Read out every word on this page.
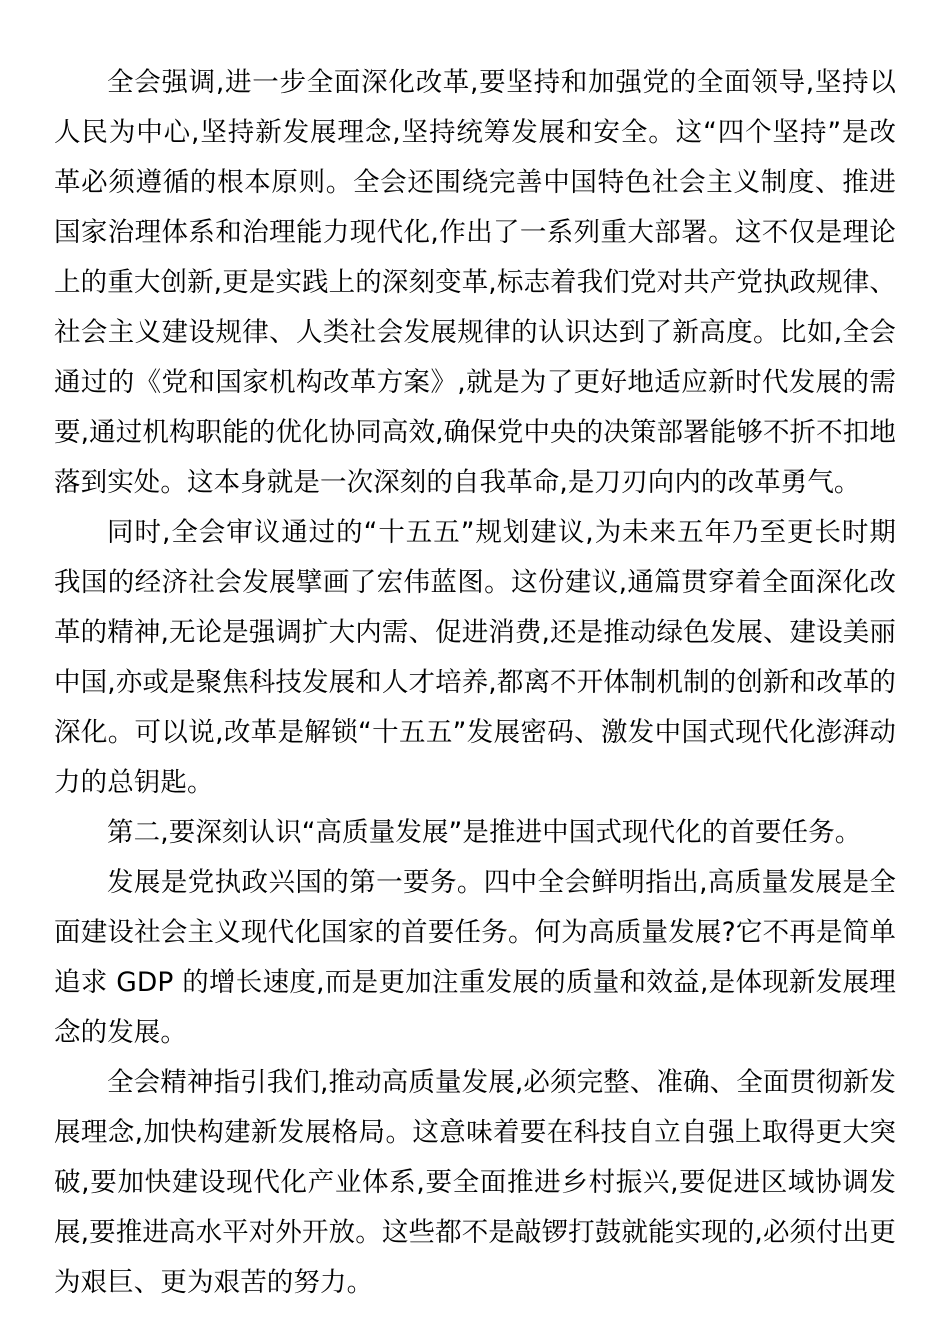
全会强调,进一步全面深化改革,要坚持和加强党的全面领导,坚持以人民为中心,坚持新发展理念,坚持统筹发展和安全。这“四个坚持”是改革必须遵循的根本原则。全会还围绕完善中国特色社会主义制度、推进国家治理体系和治理能力现代化,作出了一系列重大部署。这不仅是理论上的重大创新,更是实践上的深刻变革,标志着我们党对共产党执政规律、社会主义建设规律、人类社会发展规律的认识达到了新高度。比如,全会通过的《党和国家机构改革方案》,就是为了更好地适应新时代发展的需要,通过机构职能的优化协同高效,确保党中央的决策部署能够不折不扣地落到实处。这本身就是一次深刻的自我革命,是刀刃向内的改革勇气。

同时,全会审议通过的“十五五”规划建议,为未来五年乃至更长时期我国的经济社会发展擘画了宏伟蓝图。这份建议,通篇贯穿着全面深化改革的精神,无论是强调扩大内需、促进消费,还是推动绿色发展、建设美丽中国,亦或是聚焦科技发展和人才培养,都离不开体制机制的创新和改革的深化。可以说,改革是解锁“十五五”发展密码、激发中国式现代化澎湃动力的总钥匙。

第二,要深刻认识“高质量发展”是推进中国式现代化的首要任务。

发展是党执政兴国的第一要务。四中全会鲜明指出,高质量发展是全面建设社会主义现代化国家的首要任务。何为高质量发展?它不再是简单追求 GDP 的增长速度,而是更加注重发展的质量和效益,是体现新发展理念的发展。

全会精神指引我们,推动高质量发展,必须完整、准确、全面贯彻新发展理念,加快构建新发展格局。这意味着要在科技自立自强上取得更大突破,要加快建设现代化产业体系,要全面推进乡村振兴,要促进区域协调发展,要推进高水平对外开放。这些都不是敲锣打鼓就能实现的,必须付出更为艰巨、更为艰苦的努力。
